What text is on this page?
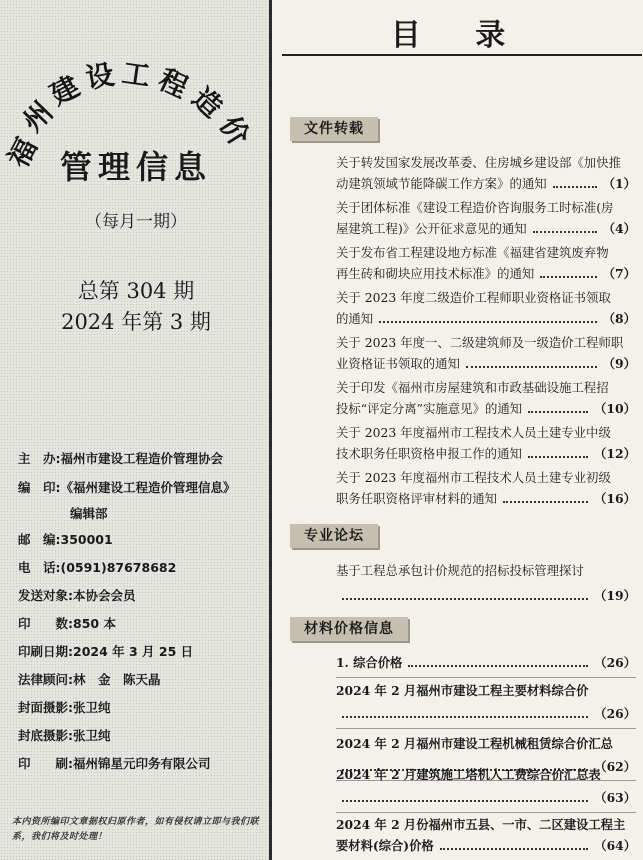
福
州
建
设 工 程
造
价
管理信息
（每月一期）
总第 304 期
2024 年第 3 期
主　办:福州市建设工程造价管理协会
编　印:《福州建设工程造价管理信息》
编辑部
邮　编:350001
电　话:(0591)87678682
发送对象:本协会会员
印　　数:850 本
印刷日期:2024 年 3 月 25 日
法律顾问:林　金　陈天晶
封面摄影:张卫纯
封底摄影:张卫纯
印　　刷:福州锦星元印务有限公司
本内资所编印文章据权归原作者，如有侵权请立即与我们联系，我们将及时处理！
目 录
文件转载
关于转发国家发展改革委、住房城乡建设部《加快推
动建筑领域节能降碳工作方案》的通知	（1）
关于团体标准《建设工程造价咨询服务工时标准(房
屋建筑工程)》公开征求意见的通知	（4）
关于发布省工程建设地方标准《福建省建筑废弃物
再生砖和砌块应用技术标准》的通知	（7）
关于 2023 年度二级造价工程师职业资格证书领取
的通知	（8）
关于 2023 年度一、二级建筑师及一级造价工程师职
业资格证书领取的通知	（9）
关于印发《福州市房屋建筑和市政基础设施工程招
投标“评定分离”实施意见》的通知	（10）
关于 2023 年度福州市工程技术人员土建专业中级
技术职务任职资格申报工作的通知	（12）
关于 2023 年度福州市工程技术人员土建专业初级
职务任职资格评审材料的通知	（16）
专业论坛
基于工程总承包计价规范的招标投标管理探讨
（19）
材料价格信息
1. 综合价格	（26）
2024 年 2 月福州市建设工程主要材料综合价
（26）
2024 年 2 月福州市建设工程机械租赁综合价汇总
（62）
2024 年 2 月建筑施工塔机人工费综合价汇总表
（63）
2024 年 2 月份福州市五县、一市、二区建设工程主
要材料(综合)价格	（64）
